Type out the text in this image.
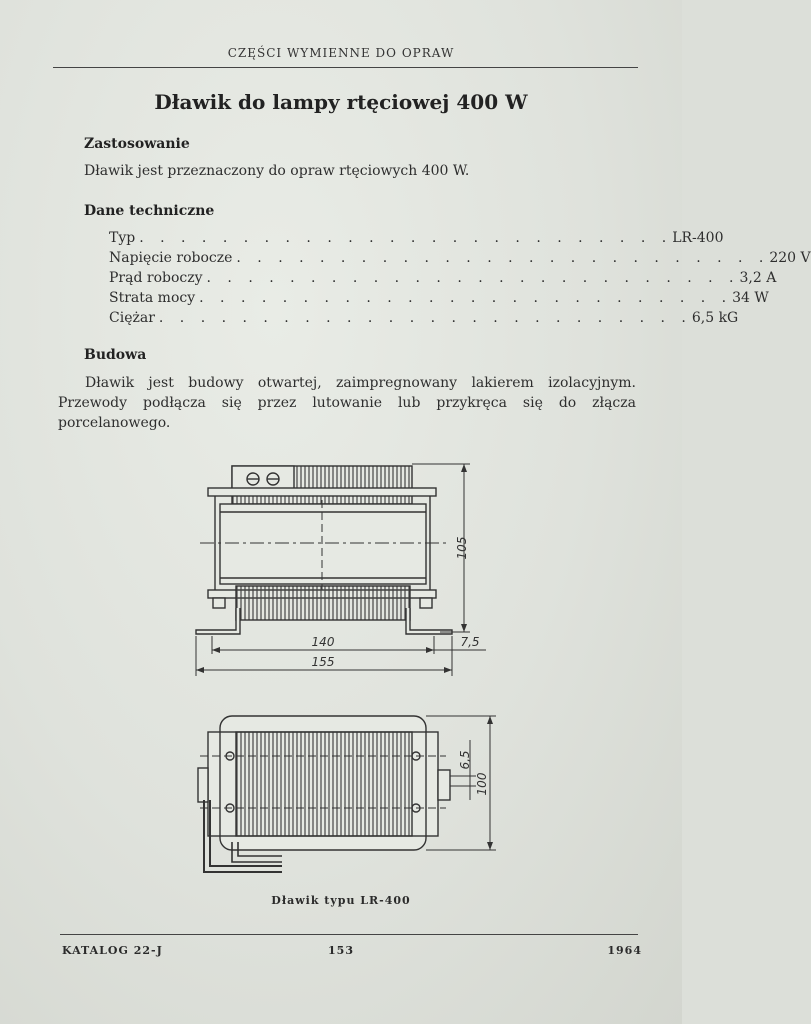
CZĘŚCI WYMIENNE DO OPRAW
Dławik do lampy rtęciowej 400 W
Zastosowanie
Dławik jest przeznaczony do opraw rtęciowych 400 W.
Dane techniczne
Typ . . . . . . . . . . . . . . . . . . . . . . . . . . LR-400
Napięcie robocze . . . . . . . . . . . . . . . . . . . . . . . . . . 220 V
Prąd roboczy . . . . . . . . . . . . . . . . . . . . . . . . . . 3,2 A
Strata mocy . . . . . . . . . . . . . . . . . . . . . . . . . . 34 W
Ciężar . . . . . . . . . . . . . . . . . . . . . . . . . . 6,5 kG
Budowa
Dławik jest budowy otwartej, zaimpregnowany lakierem izolacyjnym. Przewody podłącza się przez lutowanie lub przykręca się do złącza porcelanowego.
105
140	7,5
155
6,5
100
Dławik typu LR-400
KATALOG 22-J	153	1964
